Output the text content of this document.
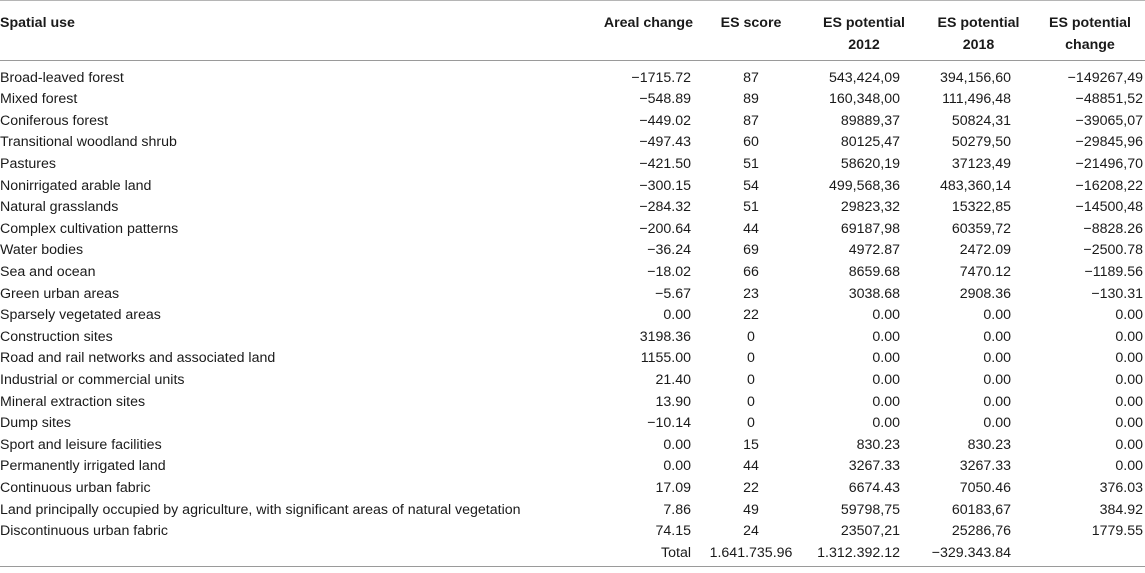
Spatial use	Areal change	ES score	ES potential 2012	ES potential 2018	ES potential change

Broad-leaved forest	−1715.72	87	543,424,09	394,156,60	−149267,49
Mixed forest	−548.89	89	160,348,00	111,496,48	−48851,52
Coniferous forest	−449.02	87	89889,37	50824,31	−39065,07
Transitional woodland shrub	−497.43	60	80125,47	50279,50	−29845,96
Pastures	−421.50	51	58620,19	37123,49	−21496,70
Nonirrigated arable land	−300.15	54	499,568,36	483,360,14	−16208,22
Natural grasslands	−284.32	51	29823,32	15322,85	−14500,48
Complex cultivation patterns	−200.64	44	69187,98	60359,72	−8828.26
Water bodies	−36.24	69	4972.87	2472.09	−2500.78
Sea and ocean	−18.02	66	8659.68	7470.12	−1189.56
Green urban areas	−5.67	23	3038.68	2908.36	−130.31
Sparsely vegetated areas	0.00	22	0.00	0.00	0.00
Construction sites	3198.36	0	0.00	0.00	0.00
Road and rail networks and associated land	1155.00	0	0.00	0.00	0.00
Industrial or commercial units	21.40	0	0.00	0.00	0.00
Mineral extraction sites	13.90	0	0.00	0.00	0.00
Dump sites	−10.14	0	0.00	0.00	0.00
Sport and leisure facilities	0.00	15	830.23	830.23	0.00
Permanently irrigated land	0.00	44	3267.33	3267.33	0.00
Continuous urban fabric	17.09	22	6674.43	7050.46	376.03
Land principally occupied by agriculture, with significant areas of natural vegetation	7.86	49	59798,75	60183,67	384.92
Discontinuous urban fabric	74.15	24	23507,21	25286,76	1779.55
	Total	1.641.735.96	1.312.392.12	−329.343.84	
